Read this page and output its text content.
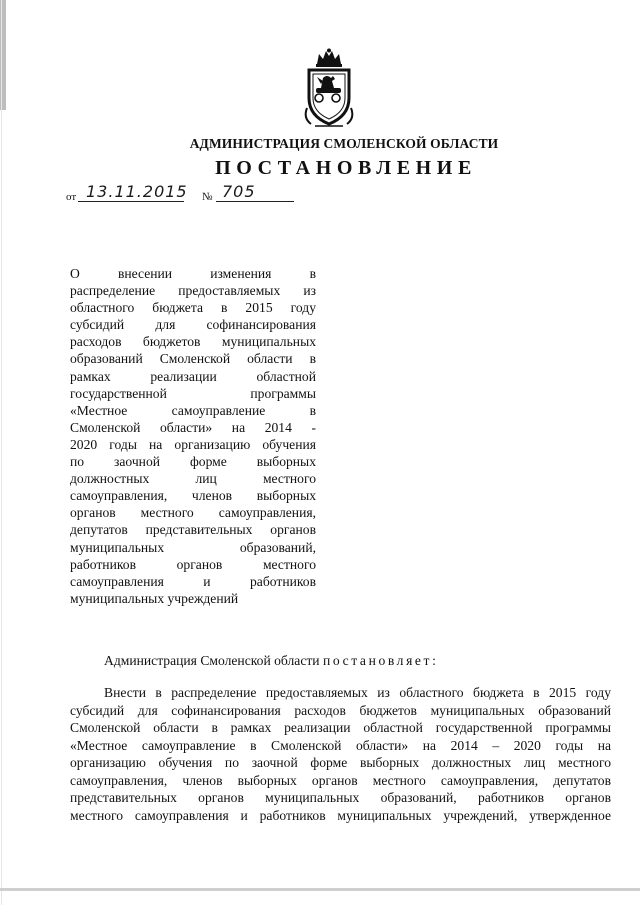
АДМИНИСТРАЦИЯ СМОЛЕНСКОЙ ОБЛАСТИ
ПОСТАНОВЛЕНИЕ
от 13.11.2015 № 705
О внесении изменения в
распределение предоставляемых из
областного бюджета в 2015 году
субсидий для софинансирования
расходов бюджетов муниципальных
образований Смоленской области в
рамках реализации областной
государственной программы
«Местное самоуправление в
Смоленской области» на 2014 -
2020 годы на организацию обучения
по заочной форме выборных
должностных лиц местного
самоуправления, членов выборных
органов местного самоуправления,
депутатов представительных органов
муниципальных образований,
работников органов местного
самоуправления и работников
муниципальных учреждений
Администрация Смоленской области постановляет:
Внести в распределение предоставляемых из областного бюджета в 2015 году
субсидий для софинансирования расходов бюджетов муниципальных образований
Смоленской области в рамках реализации областной государственной программы
«Местное самоуправление в Смоленской области» на 2014 – 2020 годы на
организацию обучения по заочной форме выборных должностных лиц местного
самоуправления, членов выборных органов местного самоуправления, депутатов
представительных органов муниципальных образований, работников органов
местного самоуправления и работников муниципальных учреждений, утвержденное
